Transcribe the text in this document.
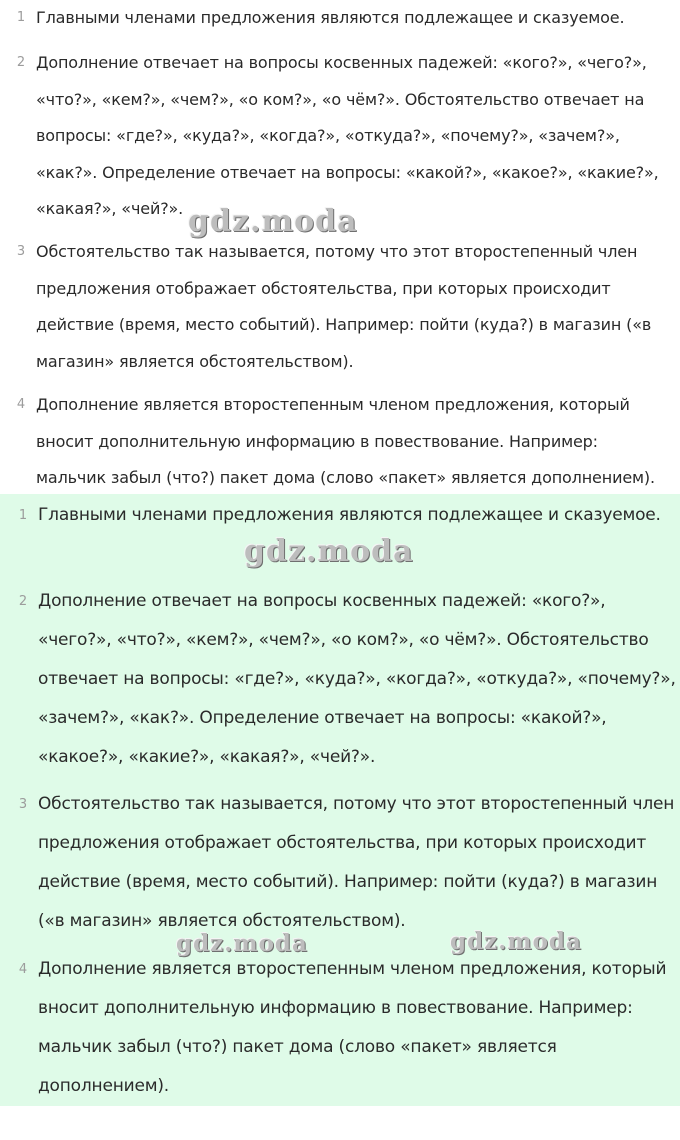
1 Главными членами предложения являются подлежащее и сказуемое.
2 Дополнение отвечает на вопросы косвенных падежей: «кого?», «чего?», «что?», «кем?», «чем?», «о ком?», «о чём?». Обстоятельство отвечает на вопросы: «где?», «куда?», «когда?», «откуда?», «почему?», «зачем?», «как?». Определение отвечает на вопросы: «какой?», «какое?», «какие?», «какая?», «чей?».
3 Обстоятельство так называется, потому что этот второстепенный член предложения отображает обстоятельства, при которых происходит действие (время, место событий). Например: пойти (куда?) в магазин («в магазин» является обстоятельством).
4 Дополнение является второстепенным членом предложения, который вносит дополнительную информацию в повествование. Например: мальчик забыл (что?) пакет дома (слово «пакет» является дополнением).
1 Главными членами предложения являются подлежащее и сказуемое.
2 Дополнение отвечает на вопросы косвенных падежей: «кого?», «чего?», «что?», «кем?», «чем?», «о ком?», «о чём?». Обстоятельство отвечает на вопросы: «где?», «куда?», «когда?», «откуда?», «почему?», «зачем?», «как?». Определение отвечает на вопросы: «какой?», «какое?», «какие?», «какая?», «чей?».
3 Обстоятельство так называется, потому что этот второстепенный член предложения отображает обстоятельства, при которых происходит действие (время, место событий). Например: пойти (куда?) в магазин («в магазин» является обстоятельством).
4 Дополнение является второстепенным членом предложения, который вносит дополнительную информацию в повествование. Например: мальчик забыл (что?) пакет дома (слово «пакет» является дополнением).
gdz.moda
gdz.moda
gdz.moda	gdz.moda
